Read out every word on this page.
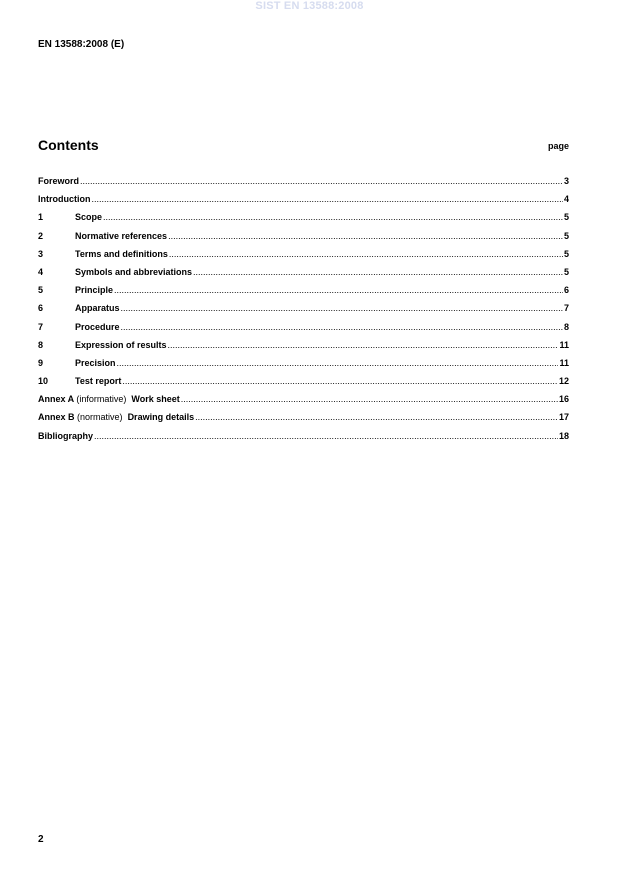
SIST EN 13588:2008
EN 13588:2008 (E)
Contents	page
Foreword .....	3
Introduction .....	4
1	Scope .....	5
2	Normative references .....	5
3	Terms and definitions .....	5
4	Symbols and abbreviations .....	5
5	Principle .....	6
6	Apparatus .....	7
7	Procedure .....	8
8	Expression of results .....	11
9	Precision .....	11
10	Test report .....	12
Annex A (informative) Work sheet .....	16
Annex B (normative) Drawing details .....	17
Bibliography .....	18
2
